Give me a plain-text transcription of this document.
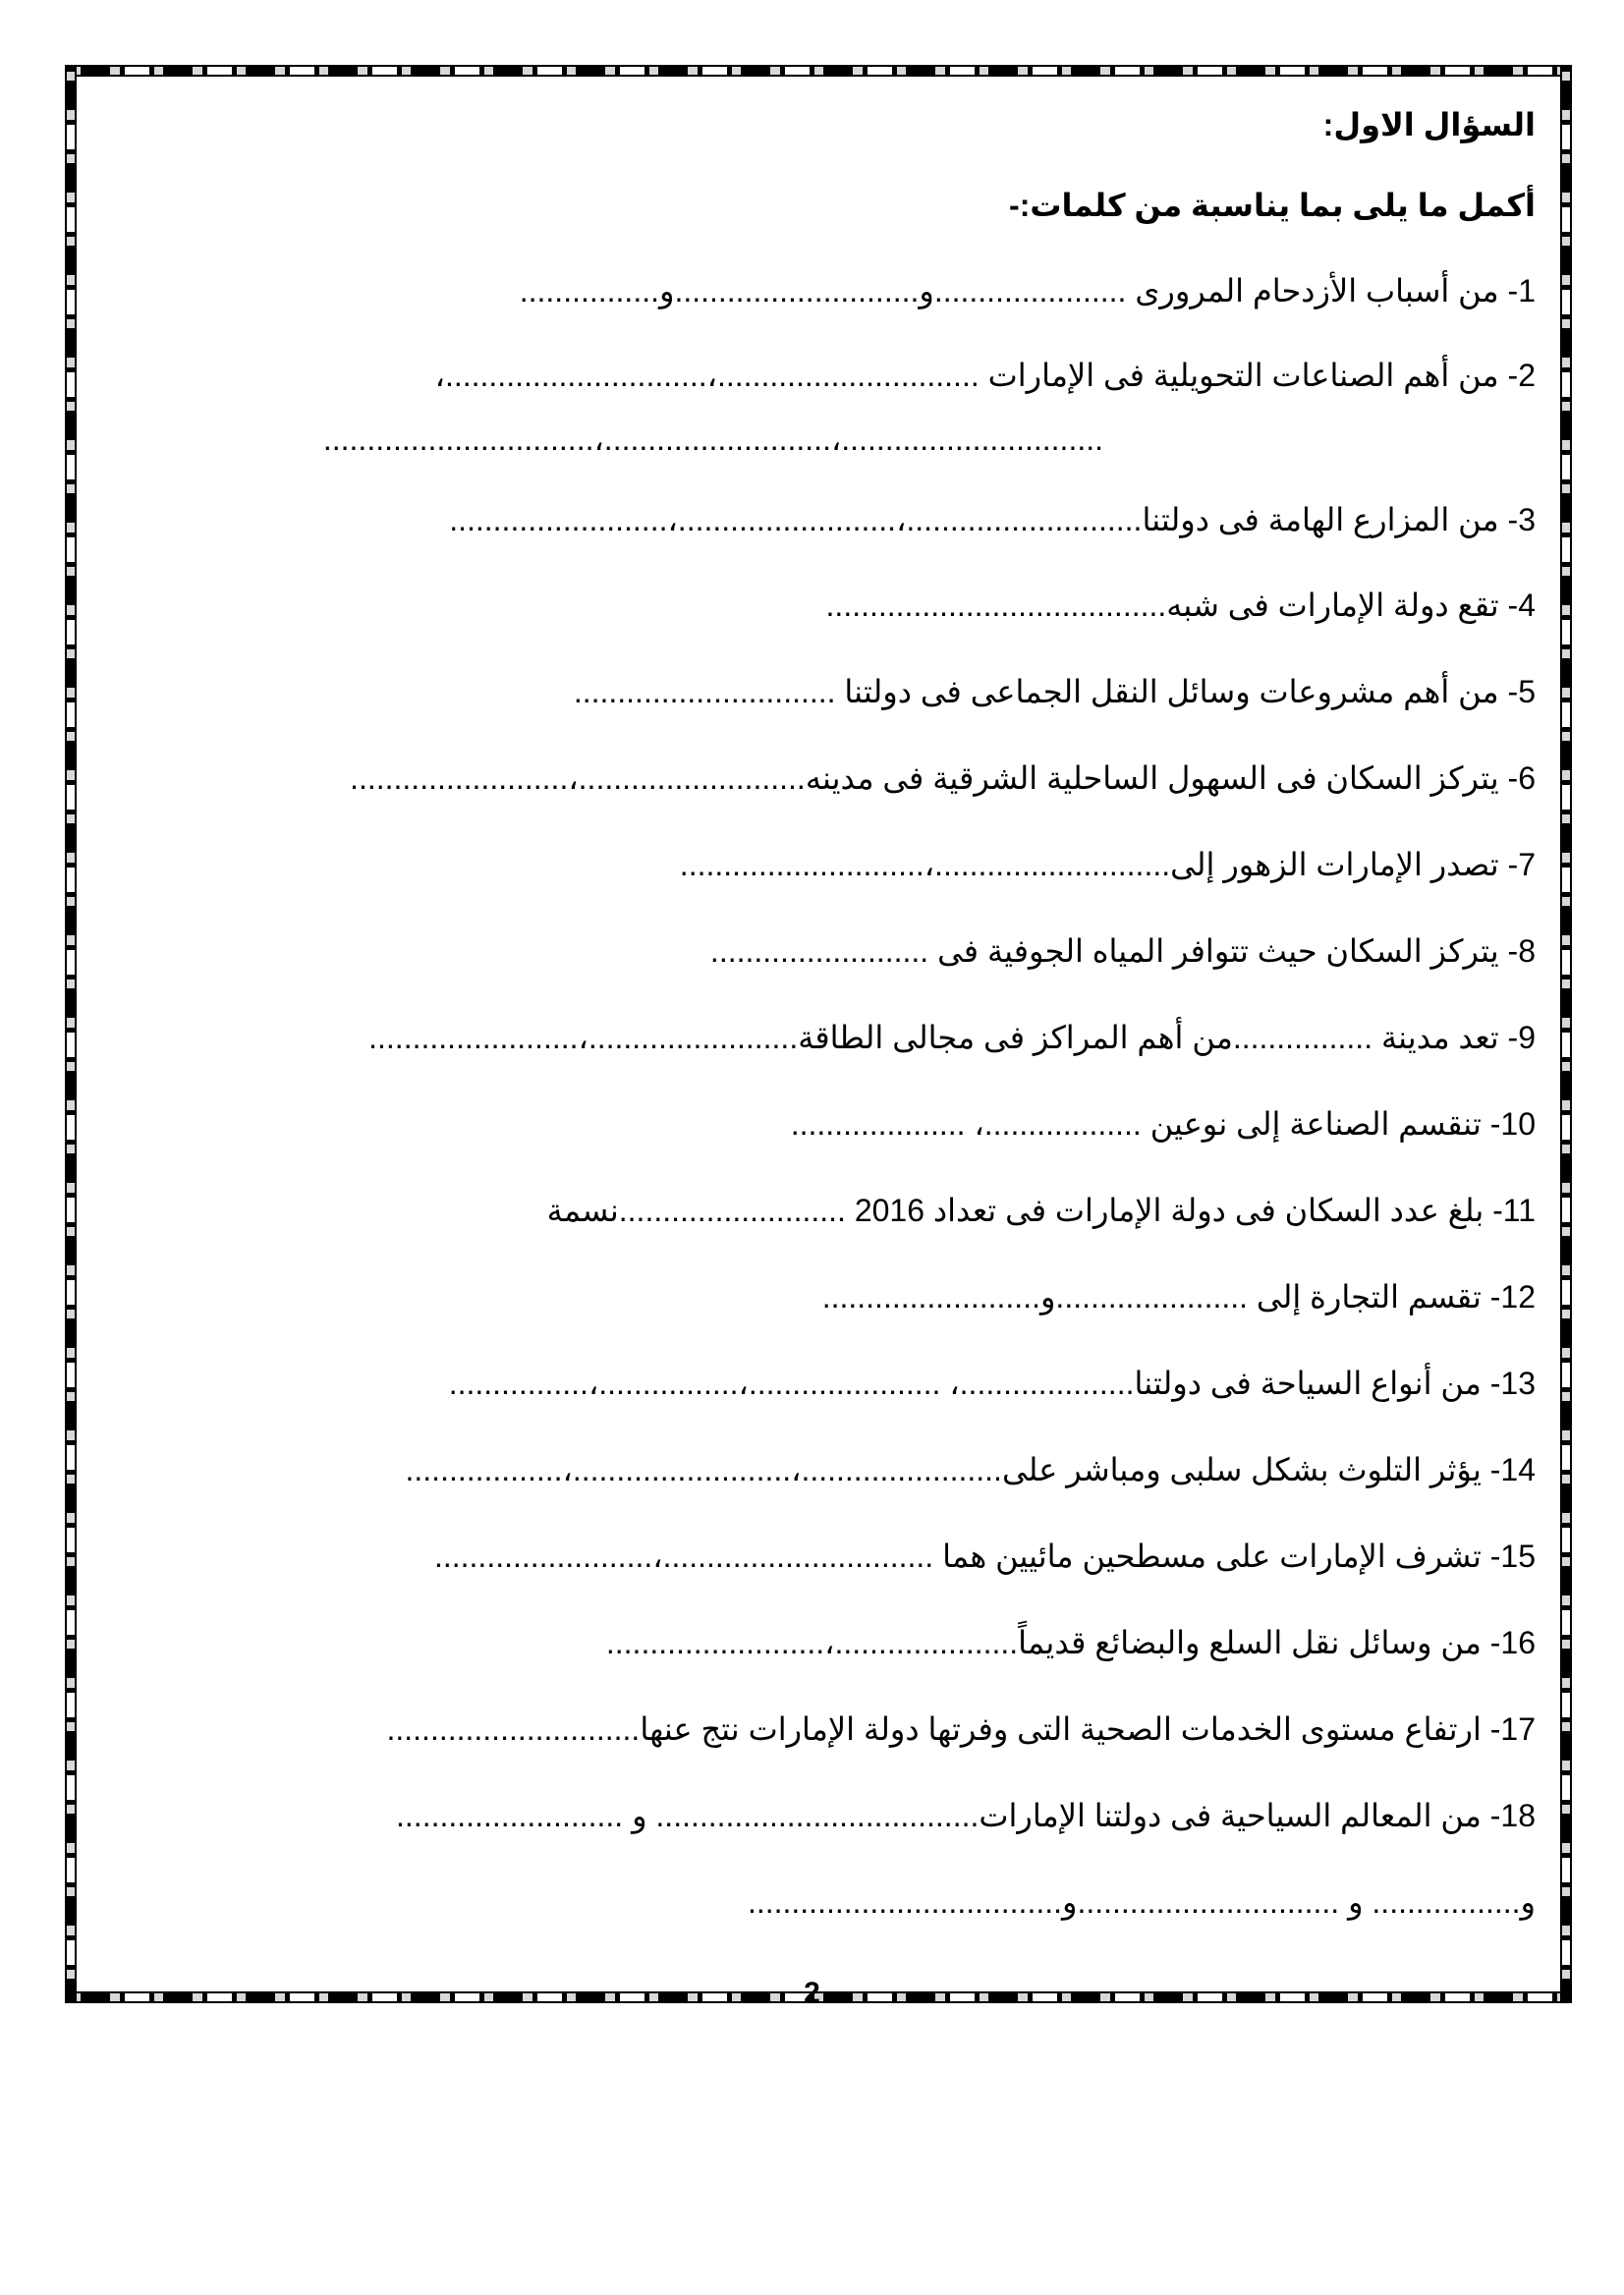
السؤال الاول:
أكمل ما يلى بما يناسبة من كلمات:-
1- من أسباب الأزدحام المرورى ......................و............................و................
2- من أهم الصناعات التحويلية فى الإمارات ..............................،..............................،
...............................،..........................،..............................
3- من المزارع الهامة فى دولتنا...........................،.........................،.........................
4- تقع دولة الإمارات فى شبه.......................................
5- من أهم مشروعات وسائل النقل الجماعى فى دولتنا ..............................
6- يتركز السكان فى السهول الساحلية الشرقية فى مدينه..........................،.........................
7- تصدر الإمارات الزهور إلى...........................،............................
8- يتركز السكان حيث تتوافر المياه الجوفية فى .........................
9- تعد مدينة ................من أهم المراكز فى مجالى الطاقة........................،........................
10- تنقسم الصناعة إلى نوعين ..................، ....................
11- بلغ عدد السكان فى دولة الإمارات فى تعداد 2016 ..........................نسمة
12- تقسم التجارة إلى ......................و.........................
13- من أنواع السياحة فى دولتنا....................، ......................،................،................
14- يؤثر التلوث بشكل سلبى ومباشر على.......................،.........................،..................
15- تشرف الإمارات على مسطحين مائيين هما ...............................،.........................
16- من وسائل نقل السلع والبضائع قديماً.....................،.........................
17- ارتفاع مستوى الخدمات الصحية التى وفرتها دولة الإمارات نتج عنها.............................
18- من المعالم السياحية فى دولتنا الإمارات..................................... و ..........................
و................. و ..............................و....................................
2
